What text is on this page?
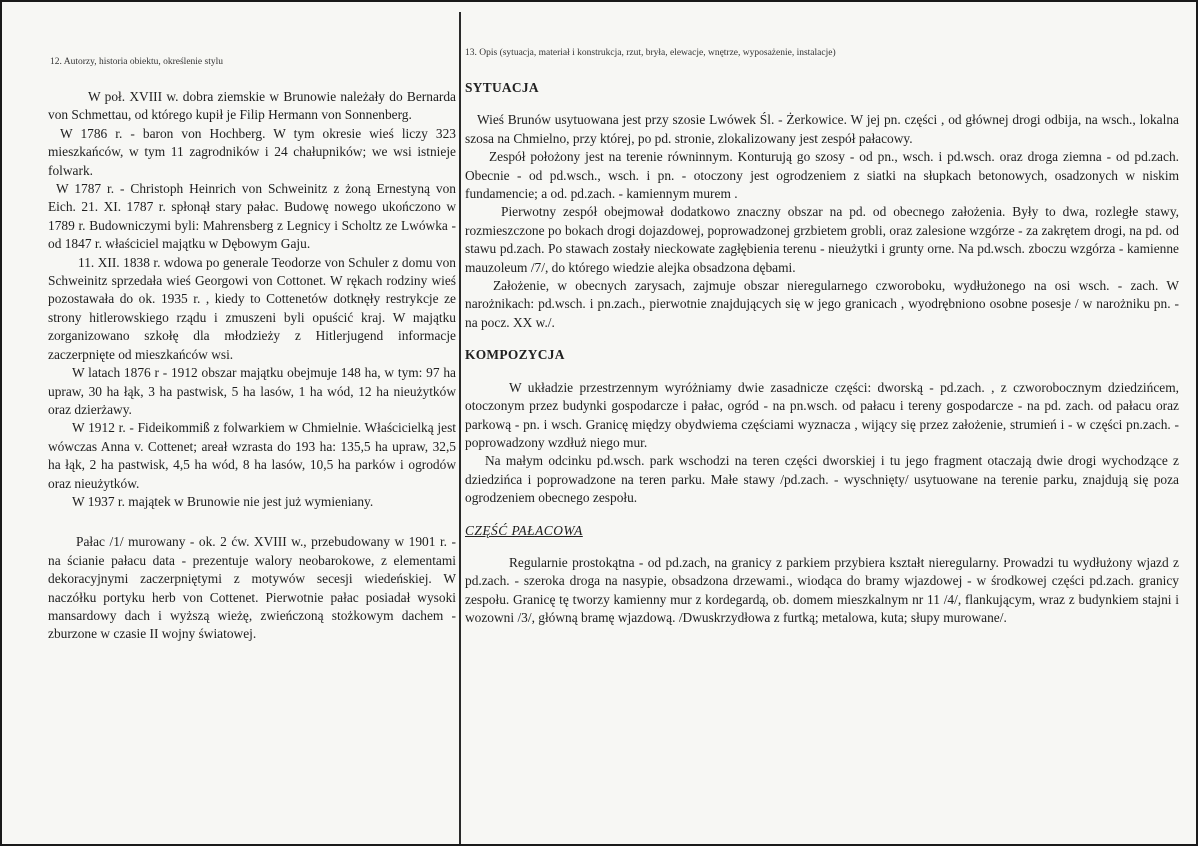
12. Autorzy, historia obiektu, określenie stylu
13. Opis (sytuacja, materiał i konstrukcja, rzut, bryła, elewacje, wnętrze, wyposażenie, instalacje)

W poł. XVIII w. dobra ziemskie w Brunowie należały do Bernarda von Schmettau, od którego kupił je Filip Hermann von Sonnenberg.

W 1786 r. - baron von Hochberg. W tym okresie wieś liczy 323 mieszkańców, w tym 11 zagrodników i 24 chałupników; we wsi istnieje folwark.

W 1787 r. - Christoph Heinrich von Schweinitz z żoną Ernestyną von Eich. 21. XI. 1787 r. spłonął stary pałac. Budowę nowego ukończono w 1789 r. Budowniczymi byli: Mahrensberg z Legnicy i Scholtz ze Lwówka - od 1847 r. właściciel majątku w Dębowym Gaju.

11. XII. 1838 r. wdowa po generale Teodorze von Schuler z domu von Schweinitz sprzedała wieś Georgowi von Cottonet. W rękach rodziny wieś pozostawała do ok. 1935 r. , kiedy to Cottenetów dotknęły restrykcje ze strony hitlerowskiego rządu i zmuszeni byli opuścić kraj. W majątku zorganizowano szkołę dla młodzieży z Hitlerjugend informacje zaczerpnięte od mieszkańców wsi.

W latach 1876 r - 1912 obszar majątku obejmuje 148 ha, w tym: 97 ha upraw, 30 ha łąk, 3 ha pastwisk, 5 ha lasów, 1 ha wód, 12 ha nieużytków oraz dzierżawy.

W 1912 r. - Fideikommiß z folwarkiem w Chmielnie. Właścicielką jest wówczas Anna v. Cottenet; areał wzrasta do 193 ha: 135,5 ha upraw, 32,5 ha łąk, 2 ha pastwisk, 4,5 ha wód, 8 ha lasów, 10,5 ha parków i ogrodów oraz nieużytków.

W 1937 r. majątek w Brunowie nie jest już wymieniany.

Pałac /1/ murowany - ok. 2 ćw. XVIII w., przebudowany w 1901 r. - na ścianie pałacu data - prezentuje walory neobarokowe, z elementami dekoracyjnymi zaczerpniętymi z motywów secesji wiedeńskiej. W naczółku portyku herb von Cottenet. Pierwotnie pałac posiadał wysoki mansardowy dach i wyższą wieżę, zwieńczoną stożkowym dachem - zburzone w czasie II wojny światowej.

SYTUACJA

Wieś Brunów usytuowana jest przy szosie Lwówek Śl. - Żerkowice. W jej pn. części , od głównej drogi odbija, na wsch., lokalna szosa na Chmielno, przy której, po pd. stronie, zlokalizowany jest zespół pałacowy.

Zespół położony jest na terenie równinnym. Konturują go szosy - od pn., wsch. i pd.wsch. oraz droga ziemna - od pd.zach. Obecnie - od pd.wsch., wsch. i pn. - otoczony jest ogrodzeniem z siatki na słupkach betonowych, osadzonych w niskim fundamencie; a od. pd.zach. - kamiennym murem .

Pierwotny zespół obejmował dodatkowo znaczny obszar na pd. od obecnego założenia. Były to dwa, rozległe stawy, rozmieszczone po bokach drogi dojazdowej, poprowadzonej grzbietem grobli, oraz zalesione wzgórze - za zakrętem drogi, na pd. od stawu pd.zach. Po stawach zostały nieckowate zagłębienia terenu - nieużytki i grunty orne. Na pd.wsch. zboczu wzgórza - kamienne mauzoleum /7/, do którego wiedzie alejka obsadzona dębami.

Założenie, w obecnych zarysach, zajmuje obszar nieregularnego czworoboku, wydłużonego na osi wsch. - zach. W narożnikach: pd.wsch. i pn.zach., pierwotnie znajdujących się w jego granicach , wyodrębniono osobne posesje / w narożniku pn. - na pocz. XX w./.

KOMPOZYCJA

W układzie przestrzennym wyróżniamy dwie zasadnicze części: dworską - pd.zach. , z czworobocznym dziedzińcem, otoczonym przez budynki gospodarcze i pałac, ogród - na pn.wsch. od pałacu i tereny gospodarcze - na pd. zach. od pałacu oraz parkową - pn. i wsch. Granicę między obydwiema częściami wyznacza , wijący się przez założenie, strumień i - w części pn.zach. - poprowadzony wzdłuż niego mur.

Na małym odcinku pd.wsch. park wschodzi na teren części dworskiej i tu jego fragment otaczają dwie drogi wychodzące z dziedzińca i poprowadzone na teren parku. Małe stawy /pd.zach. - wyschnięty/ usytuowane na terenie parku, znajdują się poza ogrodzeniem obecnego zespołu.

CZĘŚĆ PAŁACOWA

Regularnie prostokątna - od pd.zach, na granicy z parkiem przybiera kształt nieregularny. Prowadzi tu wydłużony wjazd z pd.zach. - szeroka droga na nasypie, obsadzona drzewami., wiodąca do bramy wjazdowej - w środkowej części pd.zach. granicy zespołu. Granicę tę tworzy kamienny mur z kordegardą, ob. domem mieszkalnym nr 11 /4/, flankującym, wraz z budynkiem stajni i wozowni /3/, główną bramę wjazdową. /Dwuskrzydłowa z furtką; metalowa, kuta; słupy murowane/.
